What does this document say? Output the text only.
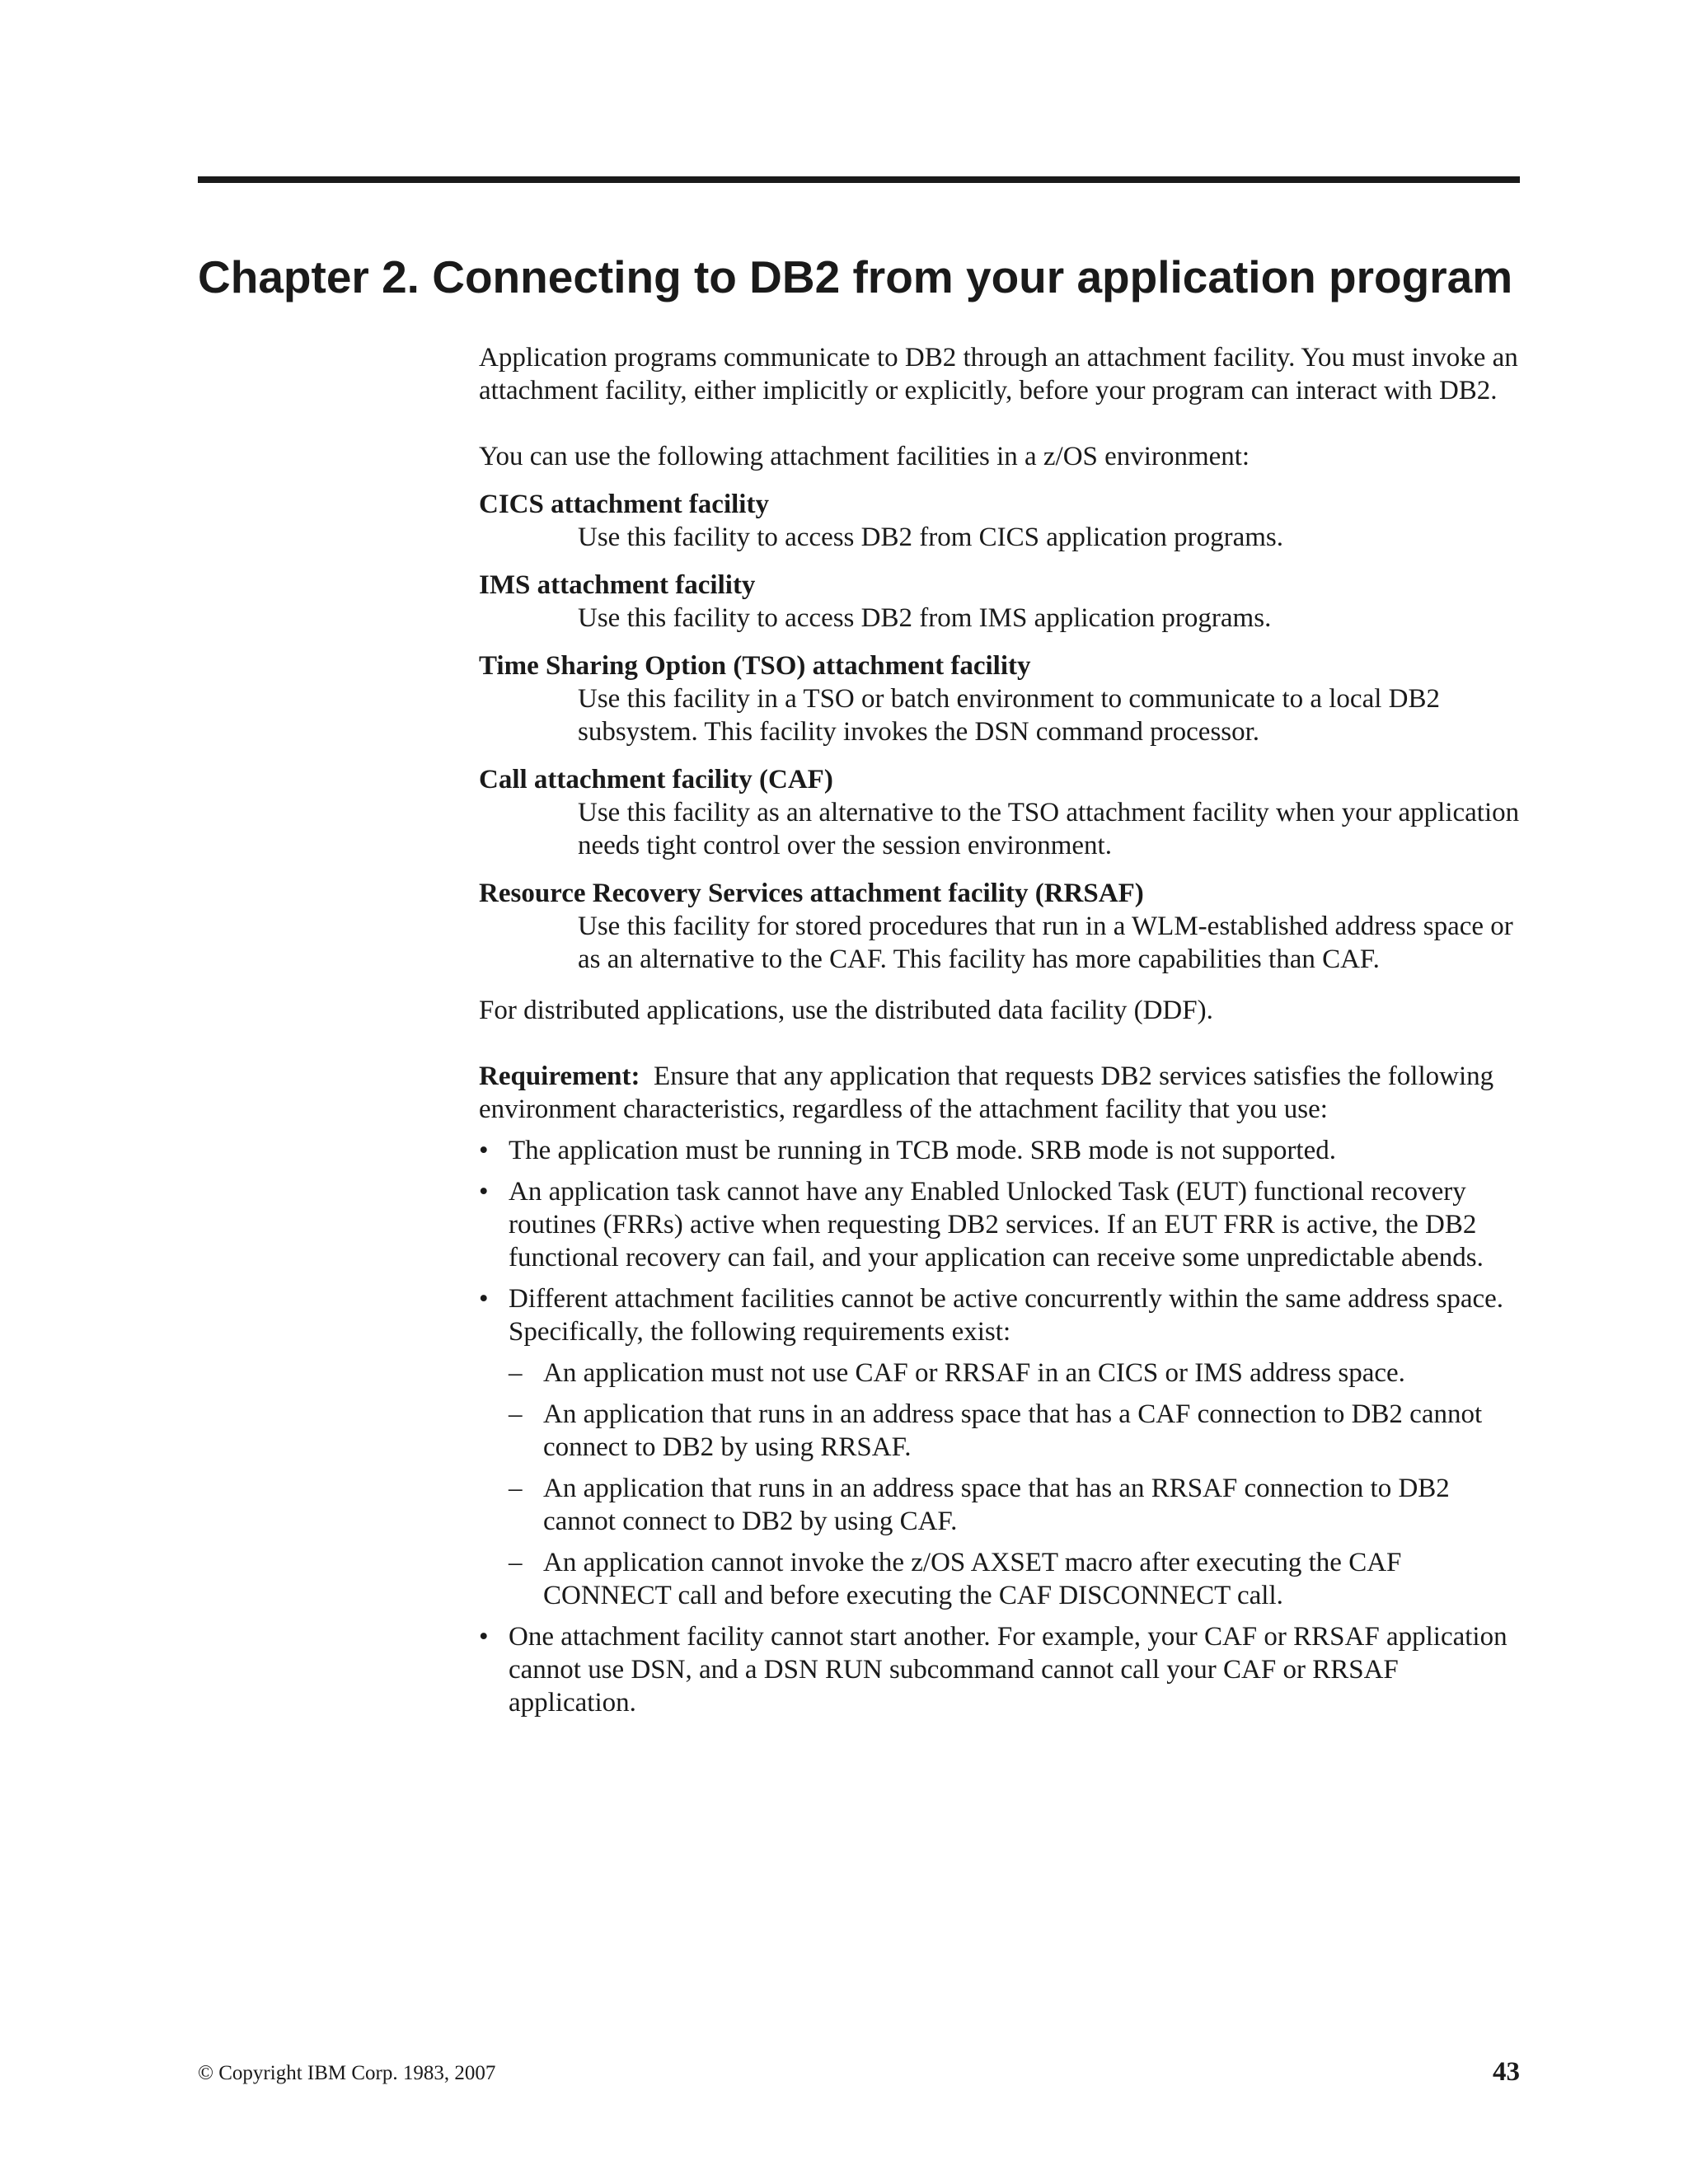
Chapter 2. Connecting to DB2 from your application program

Application programs communicate to DB2 through an attachment facility. You must invoke an attachment facility, either implicitly or explicitly, before your program can interact with DB2.

You can use the following attachment facilities in a z/OS environment:

CICS attachment facility
Use this facility to access DB2 from CICS application programs.
IMS attachment facility
Use this facility to access DB2 from IMS application programs.
Time Sharing Option (TSO) attachment facility
Use this facility in a TSO or batch environment to communicate to a local DB2 subsystem. This facility invokes the DSN command processor.
Call attachment facility (CAF)
Use this facility as an alternative to the TSO attachment facility when your application needs tight control over the session environment.
Resource Recovery Services attachment facility (RRSAF)
Use this facility for stored procedures that run in a WLM-established address space or as an alternative to the CAF. This facility has more capabilities than CAF.

For distributed applications, use the distributed data facility (DDF).

Requirement: Ensure that any application that requests DB2 services satisfies the following environment characteristics, regardless of the attachment facility that you use:

• The application must be running in TCB mode. SRB mode is not supported.
• An application task cannot have any Enabled Unlocked Task (EUT) functional recovery routines (FRRs) active when requesting DB2 services. If an EUT FRR is active, the DB2 functional recovery can fail, and your application can receive some unpredictable abends.
• Different attachment facilities cannot be active concurrently within the same address space. Specifically, the following requirements exist:
– An application must not use CAF or RRSAF in an CICS or IMS address space.
– An application that runs in an address space that has a CAF connection to DB2 cannot connect to DB2 by using RRSAF.
– An application that runs in an address space that has an RRSAF connection to DB2 cannot connect to DB2 by using CAF.
– An application cannot invoke the z/OS AXSET macro after executing the CAF CONNECT call and before executing the CAF DISCONNECT call.
• One attachment facility cannot start another. For example, your CAF or RRSAF application cannot use DSN, and a DSN RUN subcommand cannot call your CAF or RRSAF application.
© Copyright IBM Corp. 1983, 2007	43
